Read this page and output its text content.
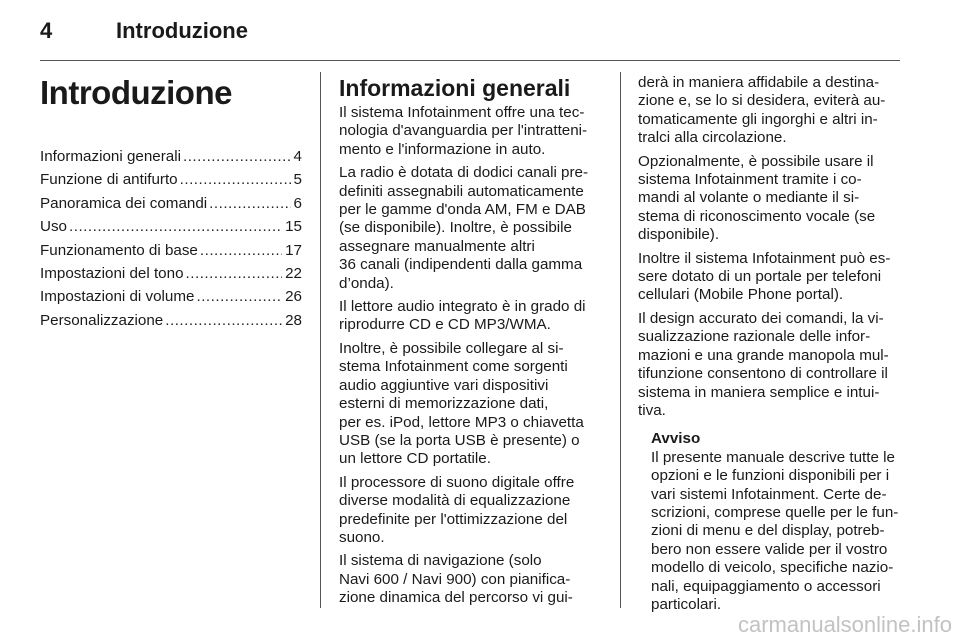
4	Introduzione
Introduzione
Informazioni generali .....	4
Funzione di antifurto .....	5
Panoramica dei comandi .....	6
Uso .....	15
Funzionamento di base .....	17
Impostazioni del tono .....	22
Impostazioni di volume .....	26
Personalizzazione .....	28
Informazioni generali
Il sistema Infotainment offre una tec-
nologia d'avanguardia per l'intratteni-
mento e l'informazione in auto.
La radio è dotata di dodici canali pre-
definiti assegnabili automaticamente
per le gamme d'onda AM, FM e DAB
(se disponibile). Inoltre, è possibile
assegnare manualmente altri
36 canali (indipendenti dalla gamma
d’onda).
Il lettore audio integrato è in grado di
riprodurre CD e CD MP3/WMA.
Inoltre, è possibile collegare al si-
stema Infotainment come sorgenti
audio aggiuntive vari dispositivi
esterni di memorizzazione dati,
per es. iPod, lettore MP3 o chiavetta
USB (se la porta USB è presente) o
un lettore CD portatile.
Il processore di suono digitale offre
diverse modalità di equalizzazione
predefinite per l'ottimizzazione del
suono.
Il sistema di navigazione (solo
Navi 600 / Navi 900) con pianifica-
zione dinamica del percorso vi gui-
derà in maniera affidabile a destina-
zione e, se lo si desidera, eviterà au-
tomaticamente gli ingorghi e altri in-
tralci alla circolazione.
Opzionalmente, è possibile usare il
sistema Infotainment tramite i co-
mandi al volante o mediante il si-
stema di riconoscimento vocale (se
disponibile).
Inoltre il sistema Infotainment può es-
sere dotato di un portale per telefoni
cellulari (Mobile Phone portal).
Il design accurato dei comandi, la vi-
sualizzazione razionale delle infor-
mazioni e una grande manopola mul-
tifunzione consentono di controllare il
sistema in maniera semplice e intui-
tiva.
Avviso
Il presente manuale descrive tutte le
opzioni e le funzioni disponibili per i
vari sistemi Infotainment. Certe de-
scrizioni, comprese quelle per le fun-
zioni di menu e del display, potreb-
bero non essere valide per il vostro
modello di veicolo, specifiche nazio-
nali, equipaggiamento o accessori
particolari.
carmanualsonline.info
